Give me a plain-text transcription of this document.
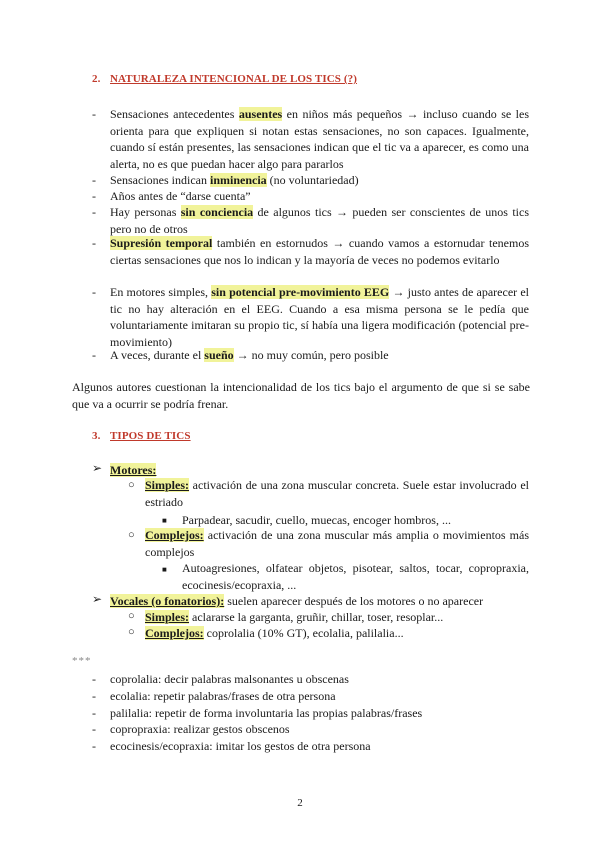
2. NATURALEZA INTENCIONAL DE LOS TICS (?)
- Sensaciones antecedentes ausentes en niños más pequeños → incluso cuando se les orienta para que expliquen si notan estas sensaciones, no son capaces. Igualmente, cuando sí están presentes, las sensaciones indican que el tic va a aparecer, es como una alerta, no es que puedan hacer algo para pararlos
- Sensaciones indican inminencia (no voluntariedad)
- Años antes de “darse cuenta”
- Hay personas sin conciencia de algunos tics → pueden ser conscientes de unos tics pero no de otros
- Supresión temporal también en estornudos → cuando vamos a estornudar tenemos ciertas sensaciones que nos lo indican y la mayoría de veces no podemos evitarlo
- En motores simples, sin potencial pre-movimiento EEG → justo antes de aparecer el tic no hay alteración en el EEG. Cuando a esa misma persona se le pedía que voluntariamente imitaran su propio tic, sí había una ligera modificación (potencial pre-movimiento)
- A veces, durante el sueño → no muy común, pero posible
Algunos autores cuestionan la intencionalidad de los tics bajo el argumento de que si se sabe que va a ocurrir se podría frenar.
3. TIPOS DE TICS
➢ Motores:
○ Simples: activación de una zona muscular concreta. Suele estar involucrado el estriado
■ Parpadear, sacudir, cuello, muecas, encoger hombros, ...
○ Complejos: activación de una zona muscular más amplia o movimientos más complejos
■ Autoagresiones, olfatear objetos, pisotear, saltos, tocar, copropraxia, ecocinesis/ecopraxia, ...
➢ Vocales (o fonatorios): suelen aparecer después de los motores o no aparecer
○ Simples: aclararse la garganta, gruñir, chillar, toser, resoplar...
○ Complejos: coprolalia (10% GT), ecolalia, palilalia...
***
- coprolalia: decir palabras malsonantes u obscenas
- ecolalia: repetir palabras/frases de otra persona
- palilalia: repetir de forma involuntaria las propias palabras/frases
- copropraxia: realizar gestos obscenos
- ecocinesis/ecopraxia: imitar los gestos de otra persona
2
